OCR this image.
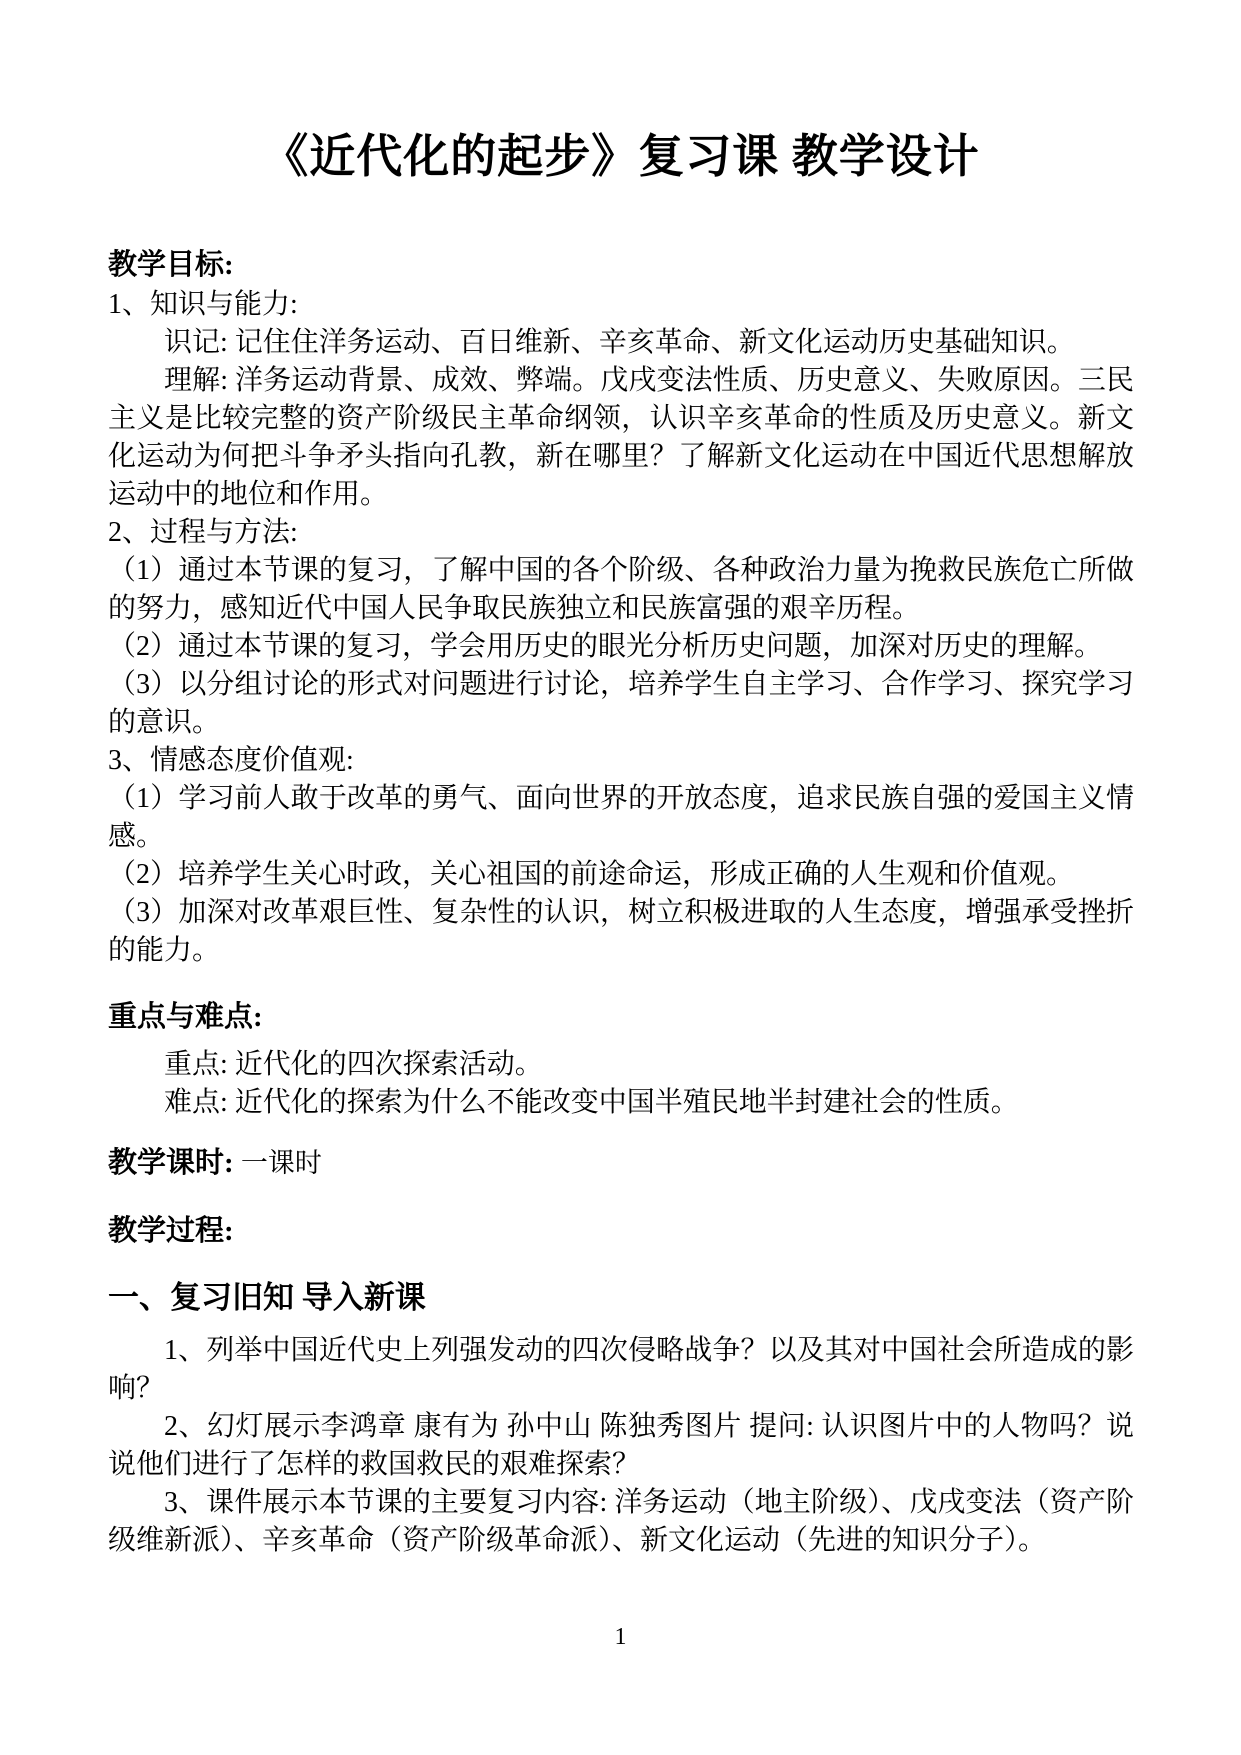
《近代化的起步》复习课 教学设计
教学目标:
1、知识与能力:
识记: 记住住洋务运动、百日维新、辛亥革命、新文化运动历史基础知识。
理解: 洋务运动背景、成效、弊端。戊戌变法性质、历史意义、失败原因。三民主义是比较完整的资产阶级民主革命纲领，认识辛亥革命的性质及历史意义。新文化运动为何把斗争矛头指向孔教，新在哪里？了解新文化运动在中国近代思想解放运动中的地位和作用。
2、过程与方法:
（1）通过本节课的复习，了解中国的各个阶级、各种政治力量为挽救民族危亡所做的努力，感知近代中国人民争取民族独立和民族富强的艰辛历程。
（2）通过本节课的复习，学会用历史的眼光分析历史问题，加深对历史的理解。
（3）以分组讨论的形式对问题进行讨论，培养学生自主学习、合作学习、探究学习的意识。
3、情感态度价值观:
（1）学习前人敢于改革的勇气、面向世界的开放态度，追求民族自强的爱国主义情感。
（2）培养学生关心时政，关心祖国的前途命运，形成正确的人生观和价值观。
（3）加深对改革艰巨性、复杂性的认识，树立积极进取的人生态度，增强承受挫折的能力。
重点与难点:
重点: 近代化的四次探索活动。
难点: 近代化的探索为什么不能改变中国半殖民地半封建社会的性质。
教学课时: 一课时
教学过程:
一、复习旧知 导入新课
1、列举中国近代史上列强发动的四次侵略战争？以及其对中国社会所造成的影响？
2、幻灯展示李鸿章 康有为 孙中山 陈独秀图片 提问: 认识图片中的人物吗？说说他们进行了怎样的救国救民的艰难探索？
3、课件展示本节课的主要复习内容: 洋务运动（地主阶级）、戊戌变法（资产阶级维新派）、辛亥革命（资产阶级革命派）、新文化运动（先进的知识分子）。
1
